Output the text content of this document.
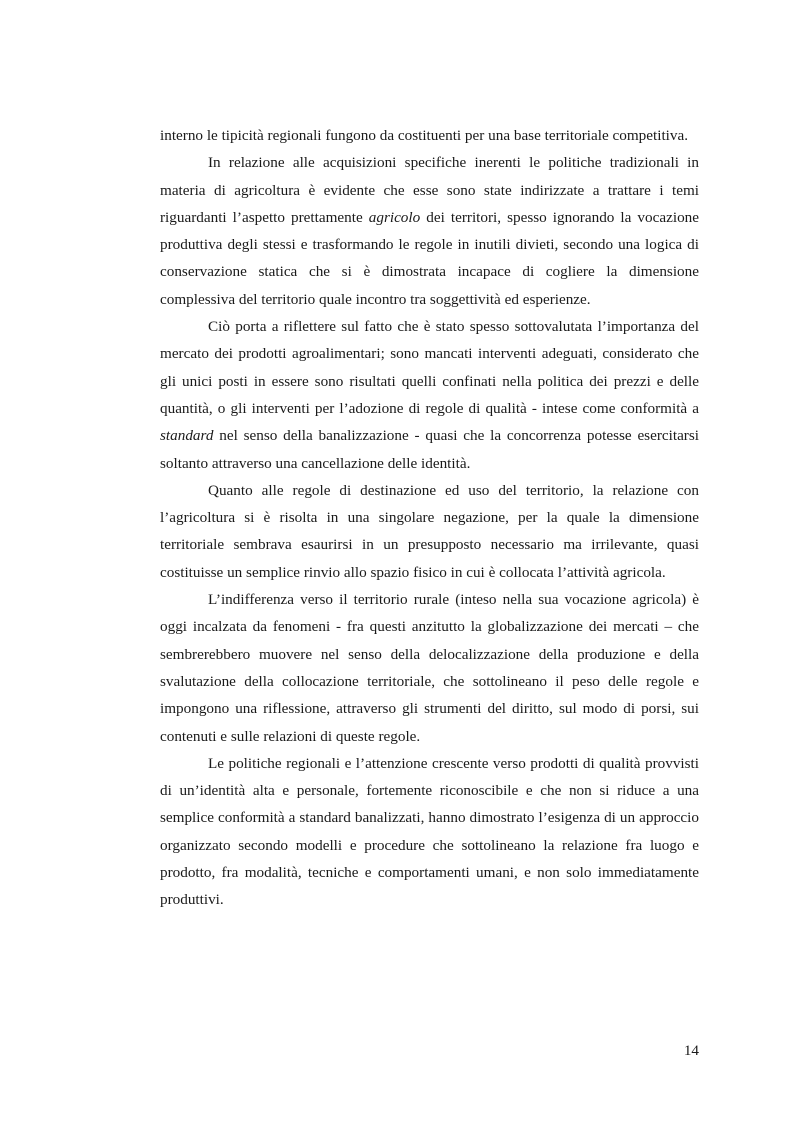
interno le tipicità regionali fungono da costituenti per una base territoriale competitiva.

In relazione alle acquisizioni specifiche inerenti le politiche tradizionali in materia di agricoltura è evidente che esse sono state indirizzate a trattare i temi riguardanti l’aspetto prettamente agricolo dei territori, spesso ignorando la vocazione produttiva degli stessi e trasformando le regole in inutili divieti, secondo una logica di conservazione statica che si è dimostrata incapace di cogliere la dimensione complessiva del territorio quale incontro tra soggettività ed esperienze.

Ciò porta a riflettere sul fatto che è stato spesso sottovalutata l’importanza del mercato dei prodotti agroalimentari; sono mancati interventi adeguati, considerato che gli unici posti in essere sono risultati quelli confinati nella politica dei prezzi e delle quantità, o gli interventi per l’adozione di regole di qualità - intese come conformità a standard nel senso della banalizzazione - quasi che la concorrenza potesse esercitarsi soltanto attraverso una cancellazione delle identità.

Quanto alle regole di destinazione ed uso del territorio, la relazione con l’agricoltura si è risolta in una singolare negazione, per la quale la dimensione territoriale sembrava esaurirsi in un presupposto necessario ma irrilevante, quasi costituisse un semplice rinvio allo spazio fisico in cui è collocata l’attività agricola.

L’indifferenza verso il territorio rurale (inteso nella sua vocazione agricola) è oggi incalzata da fenomeni - fra questi anzitutto la globalizzazione dei mercati – che sembrerebbero muovere nel senso della delocalizzazione della produzione e della svalutazione della collocazione territoriale, che sottolineano il peso delle regole e impongono una riflessione, attraverso gli strumenti del diritto, sul modo di porsi, sui contenuti e sulle relazioni di queste regole.

Le politiche regionali e l’attenzione crescente verso prodotti di qualità provvisti di un’identità alta e personale, fortemente riconoscibile e che non si riduce a una semplice conformità a standard banalizzati, hanno dimostrato l’esigenza di un approccio organizzato secondo modelli e procedure che sottolineano la relazione fra luogo e prodotto, fra modalità, tecniche e comportamenti umani, e non solo immediatamente produttivi.

14
